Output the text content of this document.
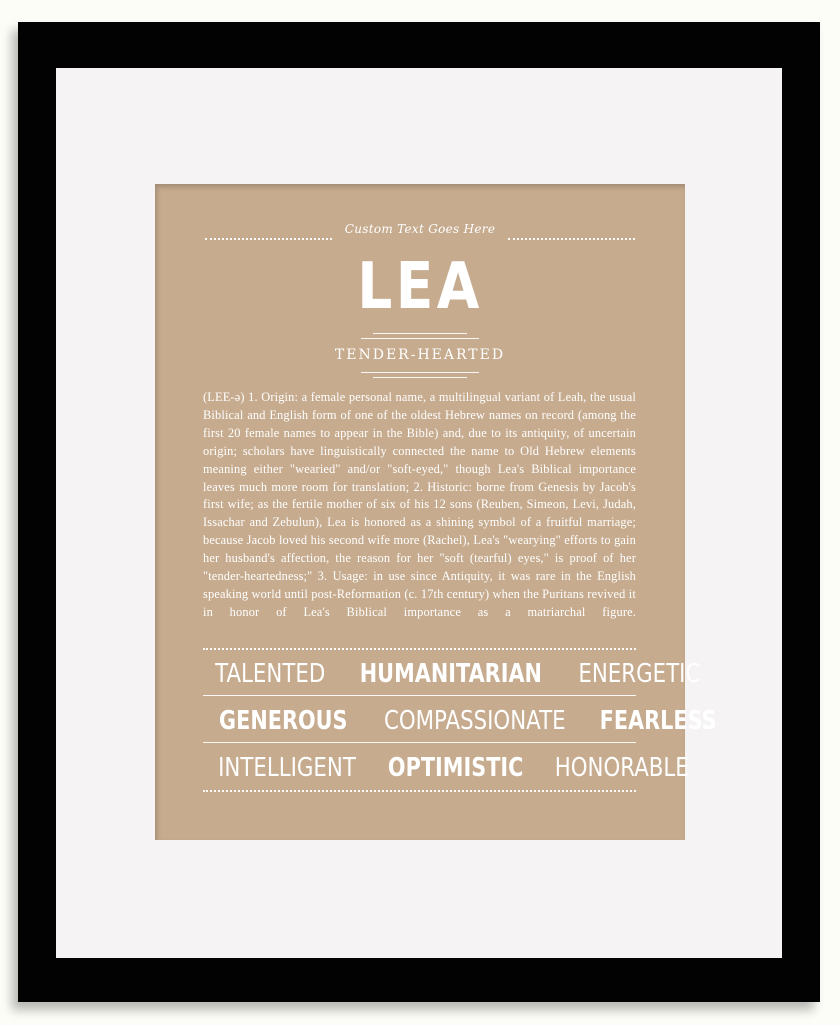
Custom Text Goes Here
LEA
TENDER-HEARTED
(LEE-ə) 1. Origin: a female personal name, a multilingual variant of Leah, the usual Biblical and English form of one of the oldest Hebrew names on record (among the first 20 female names to appear in the Bible) and, due to its antiquity, of uncertain origin; scholars have linguistically connected the name to Old Hebrew elements meaning either "wearied" and/or "soft-eyed," though Lea's Biblical importance leaves much more room for translation; 2. Historic: borne from Genesis by Jacob's first wife; as the fertile mother of six of his 12 sons (Reuben, Simeon, Levi, Judah, Issachar and Zebulun), Lea is honored as a shining symbol of a fruitful marriage; because Jacob loved his second wife more (Rachel), Lea's "wearying" efforts to gain her husband's affection, the reason for her "soft (tearful) eyes," is proof of her "tender-heartedness;" 3. Usage: in use since Antiquity, it was rare in the English speaking world until post-Reformation (c. 17th century) when the Puritans revived it in honor of Lea's Biblical importance as a matriarchal figure.
TALENTED HUMANITARIAN ENERGETIC
GENEROUS COMPASSIONATE FEARLESS
INTELLIGENT OPTIMISTIC HONORABLE
